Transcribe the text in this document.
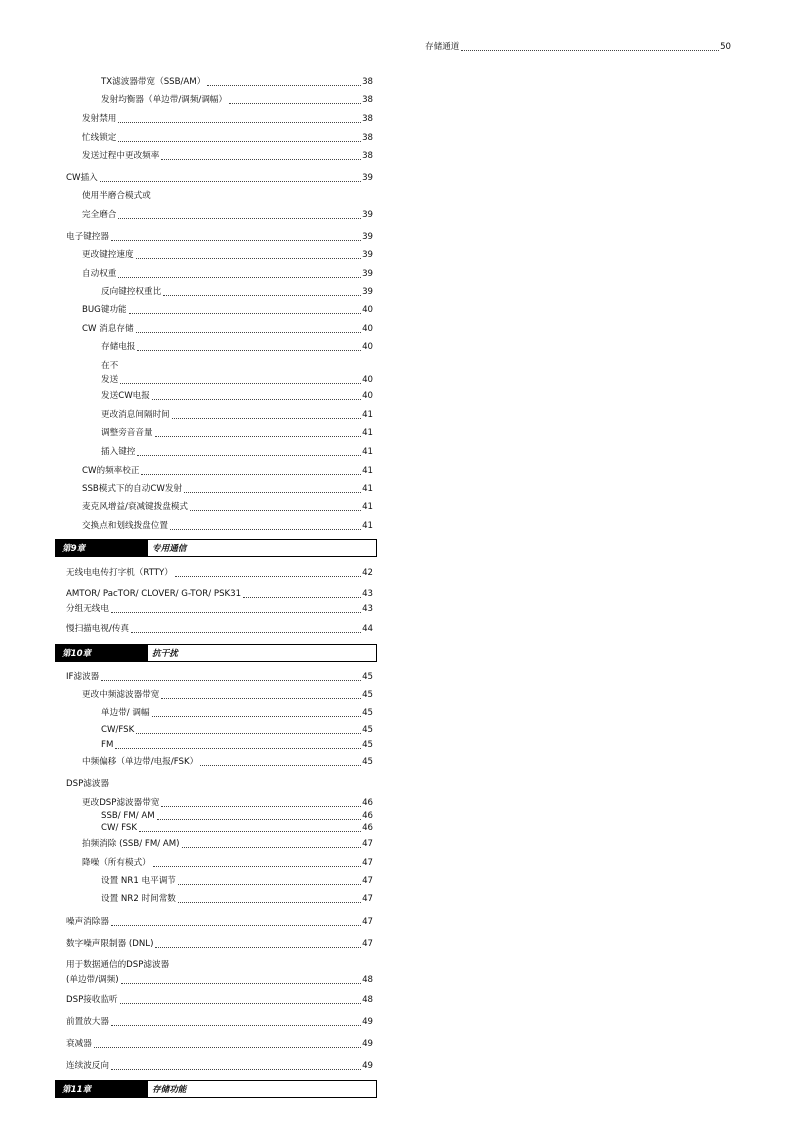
存储通道	50
TX滤波器带宽（SSB/AM）	38
发射均衡器（单边带/调频/调幅）	38
发射禁用	38
忙线锁定	38
发送过程中更改频率	38
CW插入	39
使用半磨合模式或
完全磨合	39
电子键控器	39
更改键控速度	39
自动权重	39
反向键控权重比	39
BUG键功能	40
CW 消息存储	40
存储电报	40
在不
发送	40
发送CW电报	40
更改消息间隔时间	41
调整旁音音量	41
插入键控	41
CW的频率校正	41
SSB模式下的自动CW发射	41
麦克风增益/衰减键拨盘模式	41
交换点和划线拨盘位置	41
第9章	专用通信
无线电电传打字机（RTTY）	42
AMTOR/ PacTOR/ CLOVER/ G-TOR/ PSK31	43
分组无线电	43
慢扫描电视/传真	44
第10章	抗干扰
IF滤波器	45
更改中频滤波器带宽	45
单边带/ 调幅	45
CW/FSK	45
FM	45
中频偏移（单边带/电报/FSK）	45
DSP滤波器
更改DSP滤波器带宽	46
SSB/ FM/ AM	46
CW/ FSK	46
拍频消除 (SSB/ FM/ AM)	47
降噪（所有模式）	47
设置 NR1 电平调节	47
设置 NR2 时间常数	47
噪声消除器	47
数字噪声限制器 (DNL)	47
用于数据通信的DSP滤波器
(单边带/调频)	48
DSP接收监听	48
前置放大器	49
衰减器	49
连续波反向	49
第11章	存储功能
